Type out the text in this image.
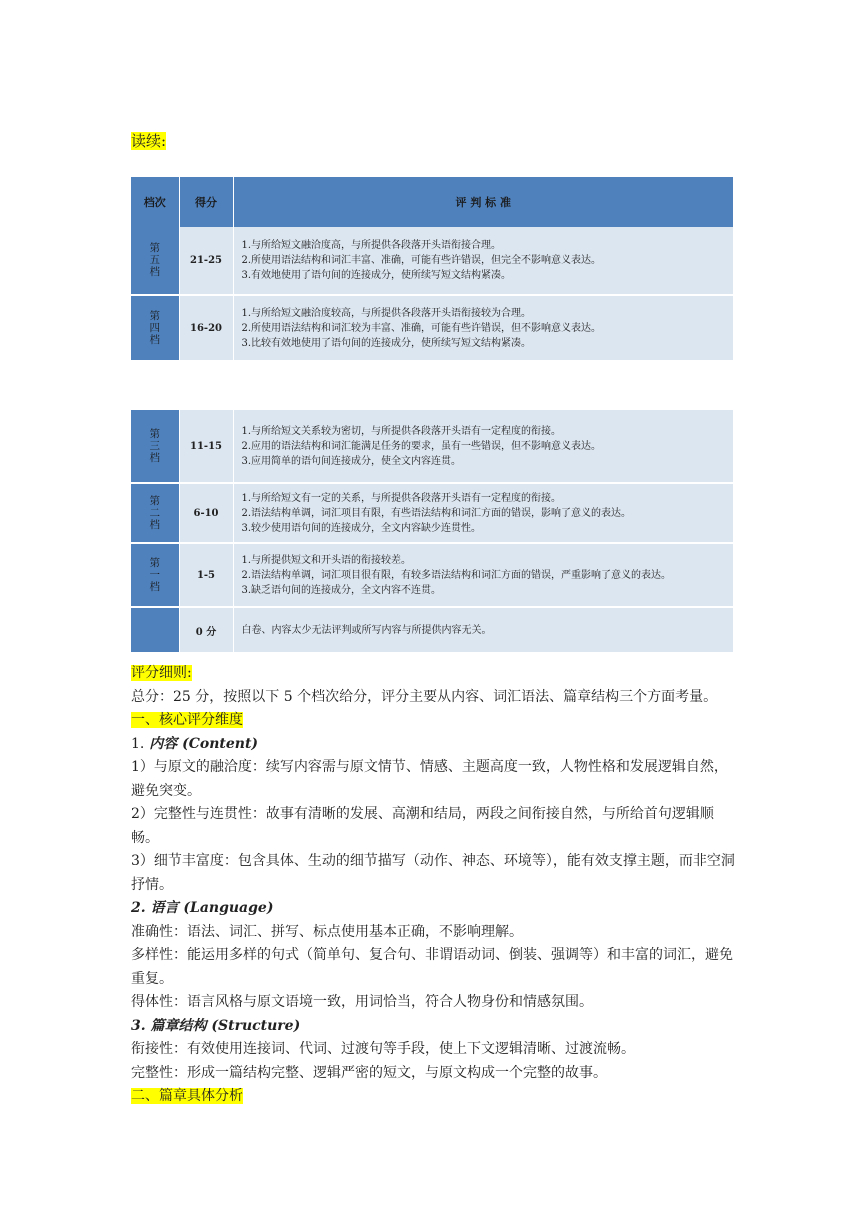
读续:
档次	得分	评 判 标 准
第五档	21-25	1.与所给短文融洽度高，与所提供各段落开头语衔接合理。
2.所使用语法结构和词汇丰富、准确，可能有些许错误，但完全不影响意义表达。
3.有效地使用了语句间的连接成分，使所续写短文结构紧凑。

第四档	16-20	1.与所给短文融洽度较高，与所提供各段落开头语衔接较为合理。
2.所使用语法结构和词汇较为丰富、准确，可能有些许错误，但不影响意义表达。
3.比较有效地使用了语句间的连接成分，使所续写短文结构紧凑。
第三档	11-15	1.与所给短文关系较为密切，与所提供各段落开头语有一定程度的衔接。
2.应用的语法结构和词汇能满足任务的要求，虽有一些错误，但不影响意义表达。
3.应用简单的语句间连接成分，使全文内容连贯。

第二档	6-10	1.与所给短文有一定的关系，与所提供各段落开头语有一定程度的衔接。
2.语法结构单调，词汇项目有限，有些语法结构和词汇方面的错误，影响了意义的表达。
3.较少使用语句间的连接成分，全文内容缺少连贯性。

第一档	1-5	1.与所提供短文和开头语的衔接较差。
2.语法结构单调，词汇项目很有限，有较多语法结构和词汇方面的错误，严重影响了意义的表达。
3.缺乏语句间的连接成分，全文内容不连贯。

	0 分	白卷、内容太少无法评判或所写内容与所提供内容无关。

评分细则:

总分：25 分，按照以下 5 个档次给分，评分主要从内容、词汇语法、篇章结构三个方面考量。

一、核心评分维度

1. 内容 (Content)

1）与原文的融洽度：续写内容需与原文情节、情感、主题高度一致，人物性格和发展逻辑自然，避免突变。

2）完整性与连贯性：故事有清晰的发展、高潮和结局，两段之间衔接自然，与所给首句逻辑顺畅。

3）细节丰富度：包含具体、生动的细节描写（动作、神态、环境等），能有效支撑主题，而非空洞抒情。

2. 语言 (Language)

准确性：语法、词汇、拼写、标点使用基本正确，不影响理解。

多样性：能运用多样的句式（简单句、复合句、非谓语动词、倒装、强调等）和丰富的词汇，避免重复。

得体性：语言风格与原文语境一致，用词恰当，符合人物身份和情感氛围。

3. 篇章结构 (Structure)

衔接性：有效使用连接词、代词、过渡句等手段，使上下文逻辑清晰、过渡流畅。

完整性：形成一篇结构完整、逻辑严密的短文，与原文构成一个完整的故事。

二、篇章具体分析
